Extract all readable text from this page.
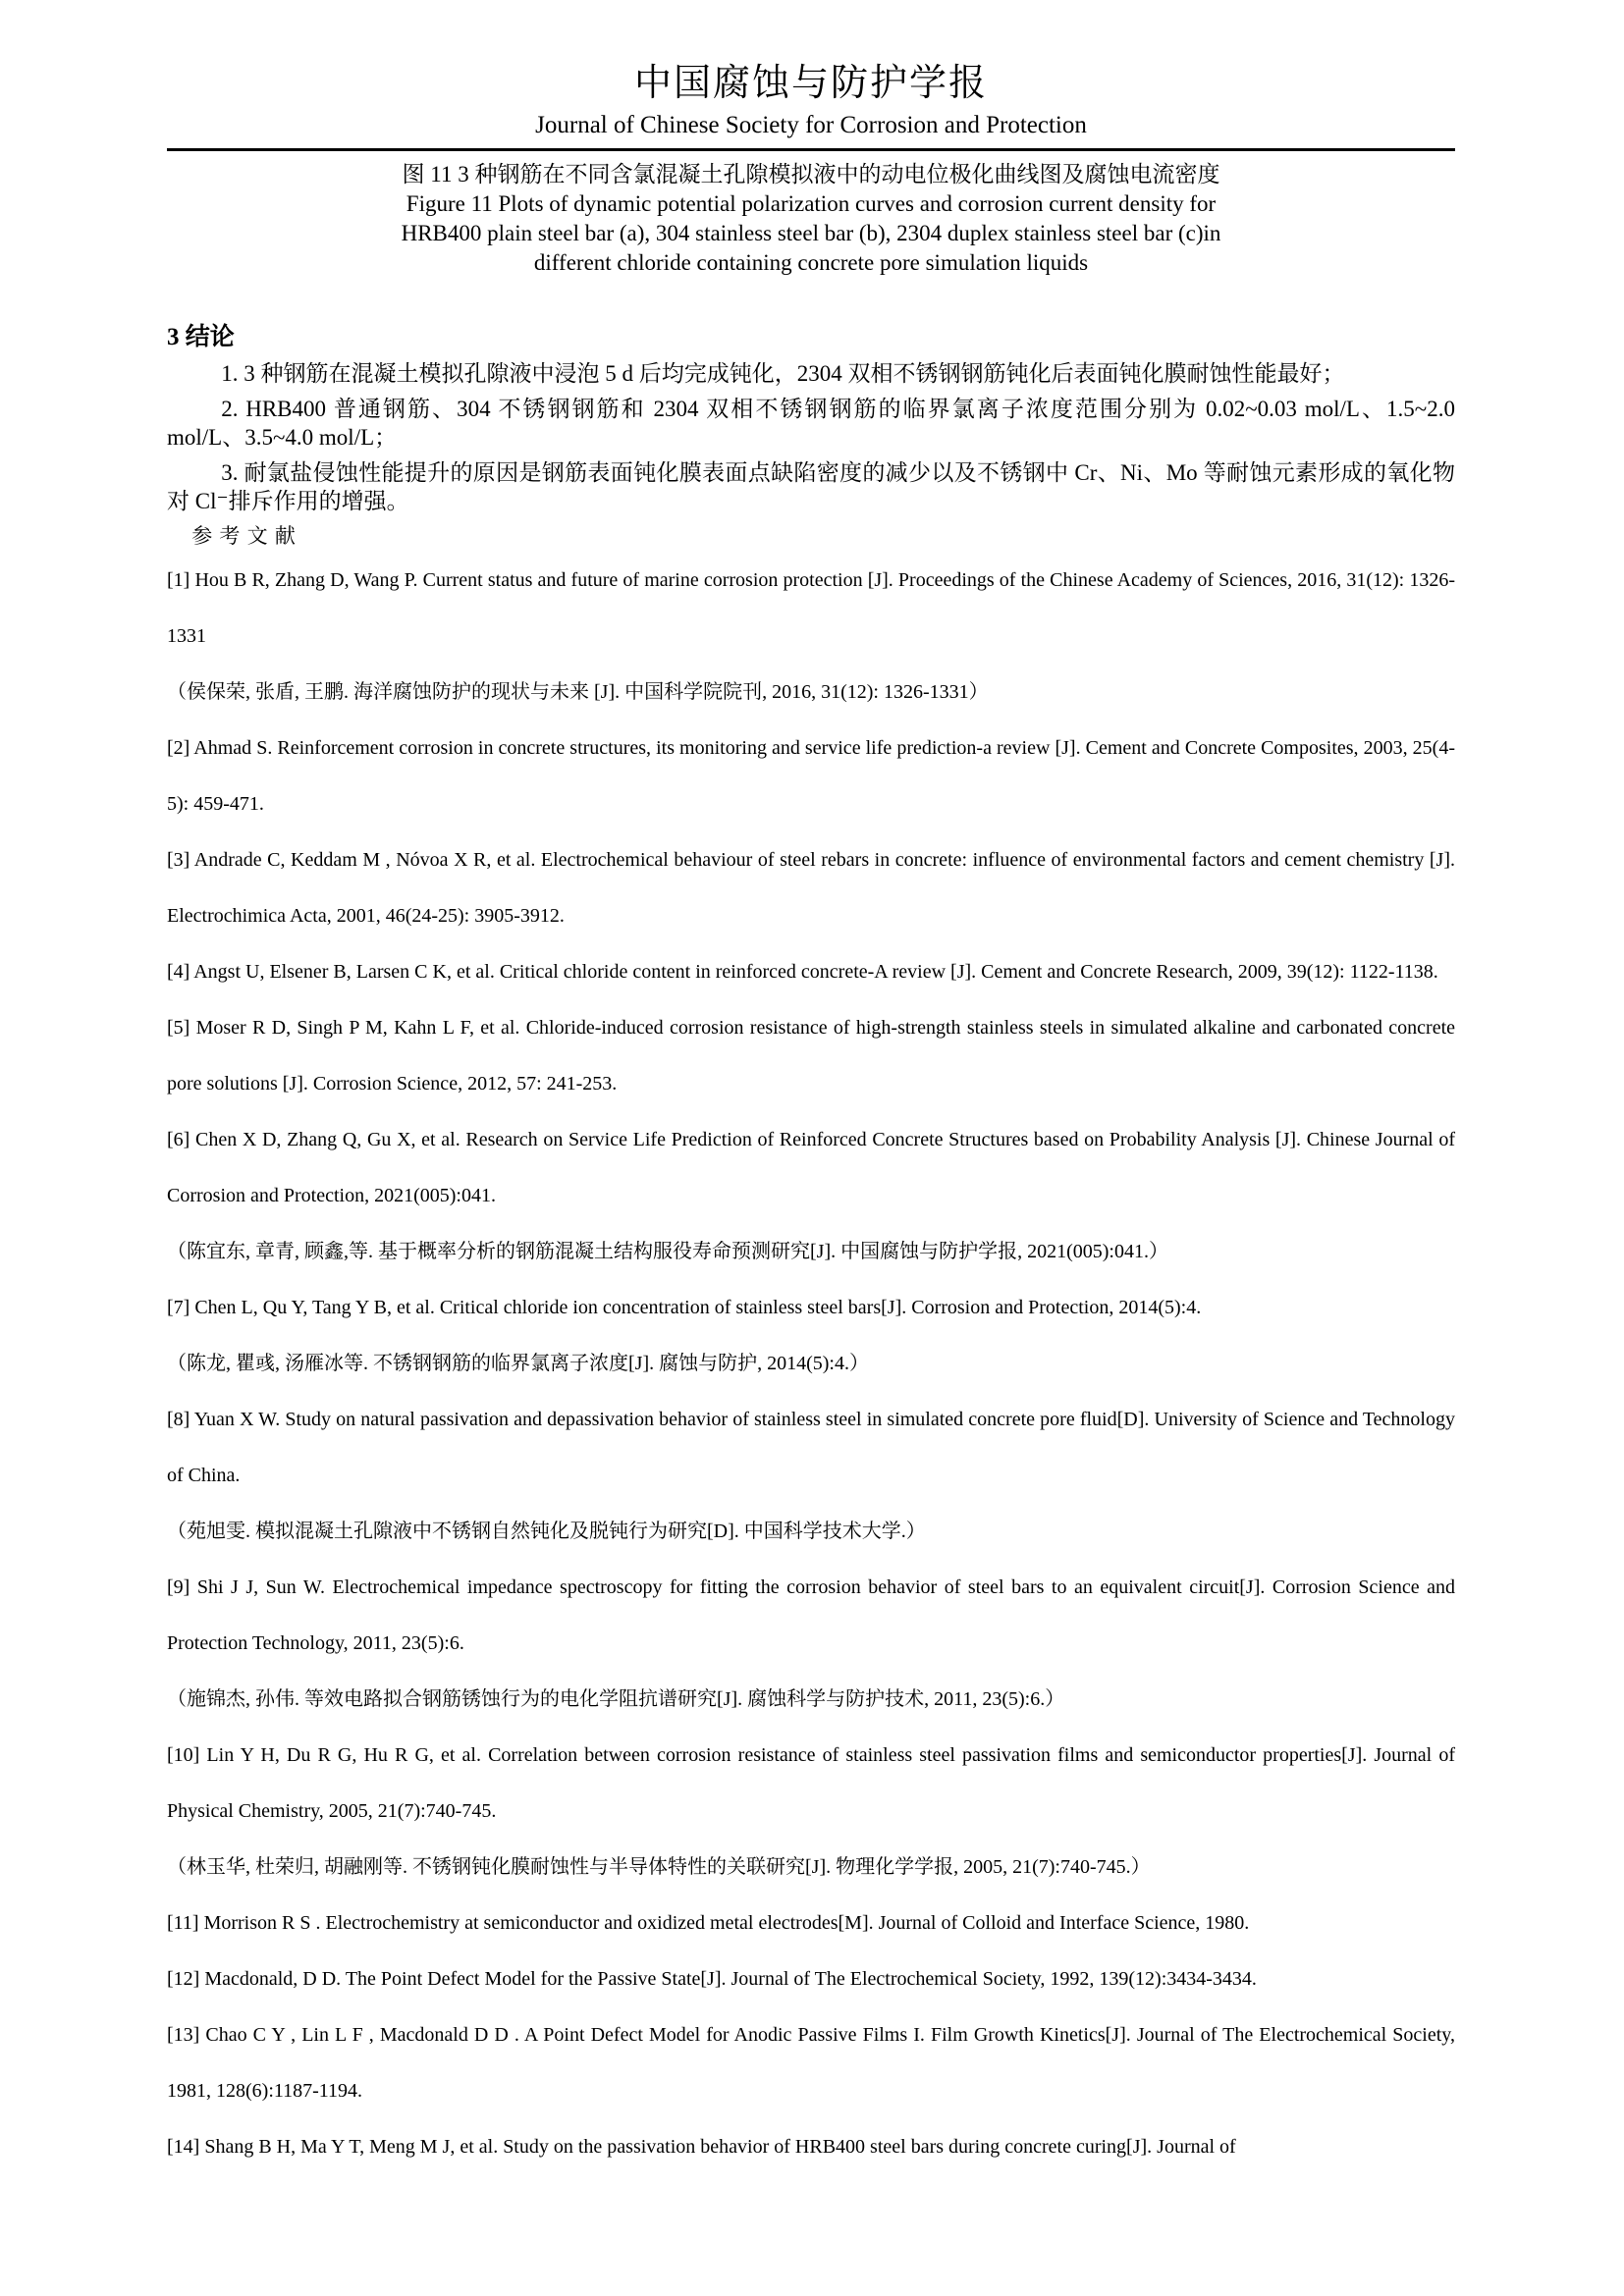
中国腐蚀与防护学报
Journal of Chinese Society for Corrosion and Protection

图 11 3 种钢筋在不同含氯混凝土孔隙模拟液中的动电位极化曲线图及腐蚀电流密度

Figure 11 Plots of dynamic potential polarization curves and corrosion current density for

HRB400 plain steel bar (a), 304 stainless steel bar (b), 2304 duplex stainless steel bar (c)in

different chloride containing concrete pore simulation liquids

3 结论

1. 3 种钢筋在混凝土模拟孔隙液中浸泡 5 d 后均完成钝化，2304 双相不锈钢钢筋钝化后表面钝化膜耐蚀性能最好；

2. HRB400 普通钢筋、304 不锈钢钢筋和 2304 双相不锈钢钢筋的临界氯离子浓度范围分别为 0.02~0.03 mol/L、1.5~2.0 mol/L、3.5~4.0 mol/L；

3. 耐氯盐侵蚀性能提升的原因是钢筋表面钝化膜表面点缺陷密度的减少以及不锈钢中 Cr、Ni、Mo 等耐蚀元素形成的氧化物对 Cl⁻排斥作用的增强。

参 考 文 献

[1] Hou B R, Zhang D, Wang P. Current status and future of marine corrosion protection [J]. Proceedings of the Chinese Academy of Sciences, 2016, 31(12): 1326-1331

（侯保荣, 张盾, 王鹏. 海洋腐蚀防护的现状与未来 [J]. 中国科学院院刊, 2016, 31(12): 1326-1331）

[2] Ahmad S. Reinforcement corrosion in concrete structures, its monitoring and service life prediction-a review [J]. Cement and Concrete Composites, 2003, 25(4-5): 459-471.

[3] Andrade C, Keddam M , Nóvoa X R, et al. Electrochemical behaviour of steel rebars in concrete: influence of environmental factors and cement chemistry [J]. Electrochimica Acta, 2001, 46(24-25): 3905-3912.

[4] Angst U, Elsener B, Larsen C K, et al. Critical chloride content in reinforced concrete-A review [J]. Cement and Concrete Research, 2009, 39(12): 1122-1138.

[5] Moser R D, Singh P M, Kahn L F, et al. Chloride-induced corrosion resistance of high-strength stainless steels in simulated alkaline and carbonated concrete pore solutions [J]. Corrosion Science, 2012, 57: 241-253.

[6] Chen X D, Zhang Q, Gu X, et al. Research on Service Life Prediction of Reinforced Concrete Structures based on Probability Analysis [J]. Chinese Journal of Corrosion and Protection, 2021(005):041.

（陈宜东, 章青, 顾鑫,等. 基于概率分析的钢筋混凝土结构服役寿命预测研究[J]. 中国腐蚀与防护学报, 2021(005):041.）

[7] Chen L, Qu Y, Tang Y B, et al. Critical chloride ion concentration of stainless steel bars[J]. Corrosion and Protection, 2014(5):4.

（陈龙, 瞿彧, 汤雁冰等. 不锈钢钢筋的临界氯离子浓度[J]. 腐蚀与防护, 2014(5):4.）

[8] Yuan X W. Study on natural passivation and depassivation behavior of stainless steel in simulated concrete pore fluid[D]. University of Science and Technology of China.

（苑旭雯. 模拟混凝土孔隙液中不锈钢自然钝化及脱钝行为研究[D]. 中国科学技术大学.）

[9] Shi J J, Sun W. Electrochemical impedance spectroscopy for fitting the corrosion behavior of steel bars to an equivalent circuit[J]. Corrosion Science and Protection Technology, 2011, 23(5):6.

（施锦杰, 孙伟. 等效电路拟合钢筋锈蚀行为的电化学阻抗谱研究[J]. 腐蚀科学与防护技术, 2011, 23(5):6.）

[10] Lin Y H, Du R G, Hu R G, et al. Correlation between corrosion resistance of stainless steel passivation films and semiconductor properties[J]. Journal of Physical Chemistry, 2005, 21(7):740-745.

（林玉华, 杜荣归, 胡融刚等. 不锈钢钝化膜耐蚀性与半导体特性的关联研究[J]. 物理化学学报, 2005, 21(7):740-745.）

[11] Morrison R S . Electrochemistry at semiconductor and oxidized metal electrodes[M]. Journal of Colloid and Interface Science, 1980.

[12] Macdonald, D D. The Point Defect Model for the Passive State[J]. Journal of The Electrochemical Society, 1992, 139(12):3434-3434.

[13] Chao C Y , Lin L F , Macdonald D D . A Point Defect Model for Anodic Passive Films I. Film Growth Kinetics[J]. Journal of The Electrochemical Society, 1981, 128(6):1187-1194.

[14] Shang B H, Ma Y T, Meng M J, et al. Study on the passivation behavior of HRB400 steel bars during concrete curing[J]. Journal of
